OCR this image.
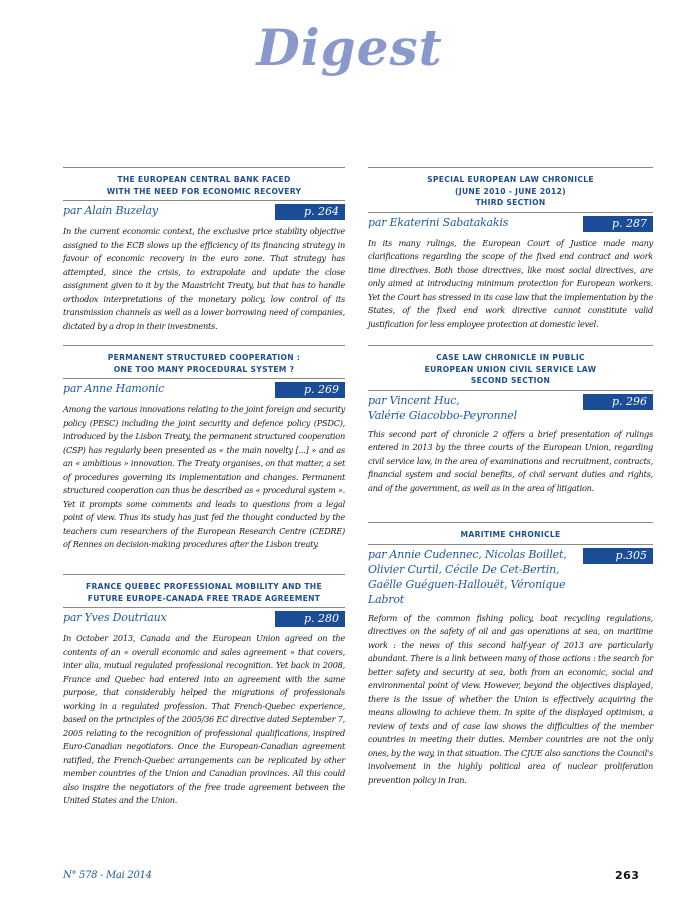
Digest
THE EUROPEAN CENTRAL BANK FACED
WITH THE NEED FOR ECONOMIC RECOVERY
par Alain Buzelay	p. 264
In the current economic context, the exclusive price stability objective assigned to the ECB slows up the efficiency of its financing strategy in favour of economic recovery in the euro zone. That strategy has attempted, since the crisis, to extrapolate and update the close assignment given to it by the Maastricht Treaty, but that has to handle orthodox interpretations of the monetary policy, low control of its transmission channels as well as a lower borrowing need of companies, dictated by a drop in their investments.
PERMANENT STRUCTURED COOPERATION :
ONE TOO MANY PROCEDURAL SYSTEM ?
par Anne Hamonic	p. 269
Among the various innovations relating to the joint foreign and security policy (PESC) including the joint security and defence policy (PSDC), introduced by the Lisbon Treaty, the permanent structured cooperation (CSP) has regularly been presented as « the main novelty [...] » and as an « ambitious » innovation. The Treaty organises, on that matter, a set of procedures governing its implementation and changes. Permanent structured cooperation can thus be described as « procedural system ». Yet it prompts some comments and leads to questions from a legal point of view. Thus its study has just fed the thought conducted by the teachers cum researchers of the European Research Centre (CEDRE) of Rennes on decision-making procedures after the Lisbon treaty.
FRANCE QUEBEC PROFESSIONAL MOBILITY AND THE
FUTURE EUROPE-CANADA FREE TRADE AGREEMENT
par Yves Doutriaux	p. 280
In October 2013, Canada and the European Union agreed on the contents of an « overall economic and sales agreement » that covers, inter alia, mutual regulated professional recognition. Yet back in 2008, France and Quebec had entered into an agreement with the same purpose, that considerably helped the migrations of professionals working in a regulated profession. That French-Quebec experience, based on the principles of the 2005/36 EC directive dated September 7, 2005 relating to the recognition of professional qualifications, inspired Euro-Canadian negotiators. Once the European-Canadian agreement ratified, the French-Quebec arrangements can be replicated by other member countries of the Union and Canadian provinces. All this could also inspire the negotiators of the free trade agreement between the United States and the Union.
SPECIAL EUROPEAN LAW CHRONICLE
(JUNE 2010 - JUNE 2012)
THIRD SECTION
par Ekaterini Sabatakakis	p. 287
In its many rulings, the European Court of Justice made many clarifications regarding the scope of the fixed end contract and work time directives. Both those directives, like most social directives, are only aimed at introducing minimum protection for European workers. Yet the Court has stressed in its case law that the implementation by the States, of the fixed end work directive cannot constitute valid justification for less employee protection at domestic level.
CASE LAW CHRONICLE IN PUBLIC
EUROPEAN UNION CIVIL SERVICE LAW
SECOND SECTION
par Vincent Huc,
Valérie Giacobbo-Peyronnel
p. 296
This second part of chronicle 2 offers a brief presentation of rulings entered in 2013 by the three courts of the European Union, regarding civil service law, in the area of examinations and recruitment, contracts, financial system and social benefits, of civil servant duties and rights, and of the government, as well as in the area of litigation.
MARITIME CHRONICLE
par Annie Cudennec, Nicolas Boillet,
Olivier Curtil, Cécile De Cet-Bertin,
Gaëlle Guéguen-Hallouët, Véronique Labrot
p.305
Reform of the common fishing policy, boat recycling regulations, directives on the safety of oil and gas operations at sea, on maritime work : the news of this second half-year of 2013 are particularly abundant. There is a link between many of those actions : the search for better safety and security at sea, both from an economic, social and environmental point of view. However, beyond the objectives displayed, there is the issue of whether the Union is effectively acquiring the means allowing to achieve them. In spite of the displayed optimism, a review of texts and of case law shows the difficulties of the member countries in meeting their duties. Member countries are not the only ones, by the way, in that situation. The CJUE also sanctions the Council's involvement in the highly political area of nuclear proliferation prevention policy in Iran.
N° 578 - Mai 2014	263
